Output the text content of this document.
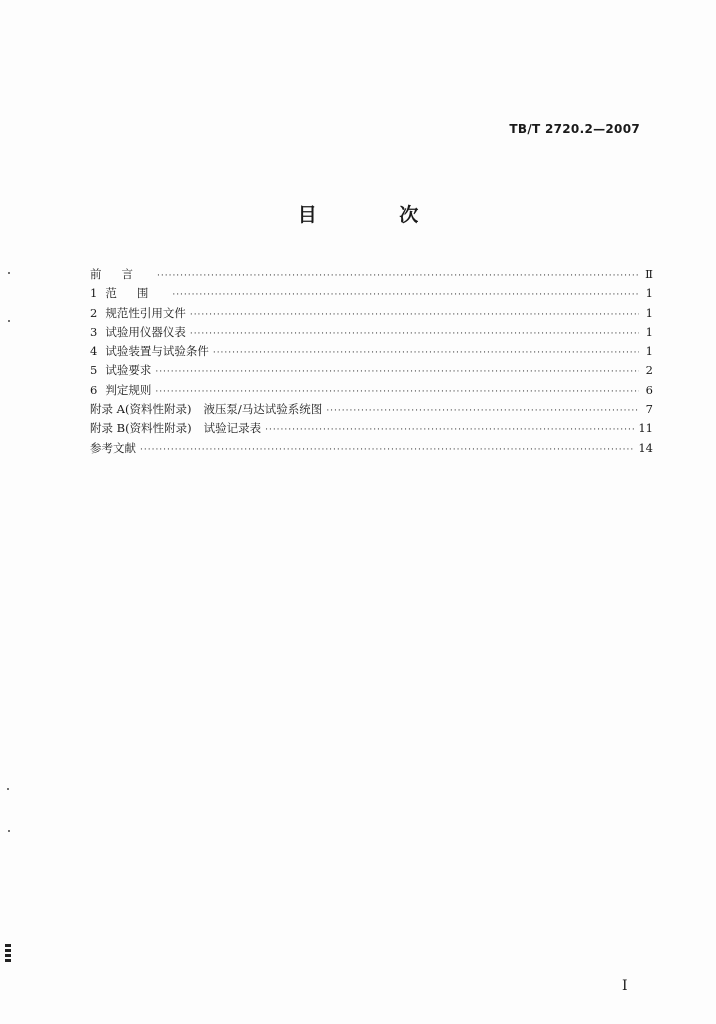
TB/T 2720.2—2007
目 次
前言 ·····	Ⅱ
1 范围 ·····	1
2 规范性引用文件 ·····	1
3 试验用仪器仪表 ·····	1
4 试验装置与试验条件 ·····	1
5 试验要求 ·····	2
6 判定规则 ·····	6
附录 A(资料性附录) 液压泵/马达试验系统图 ·····	7
附录 B(资料性附录) 试验记录表 ·····	11
参考文献 ·····	14
I
